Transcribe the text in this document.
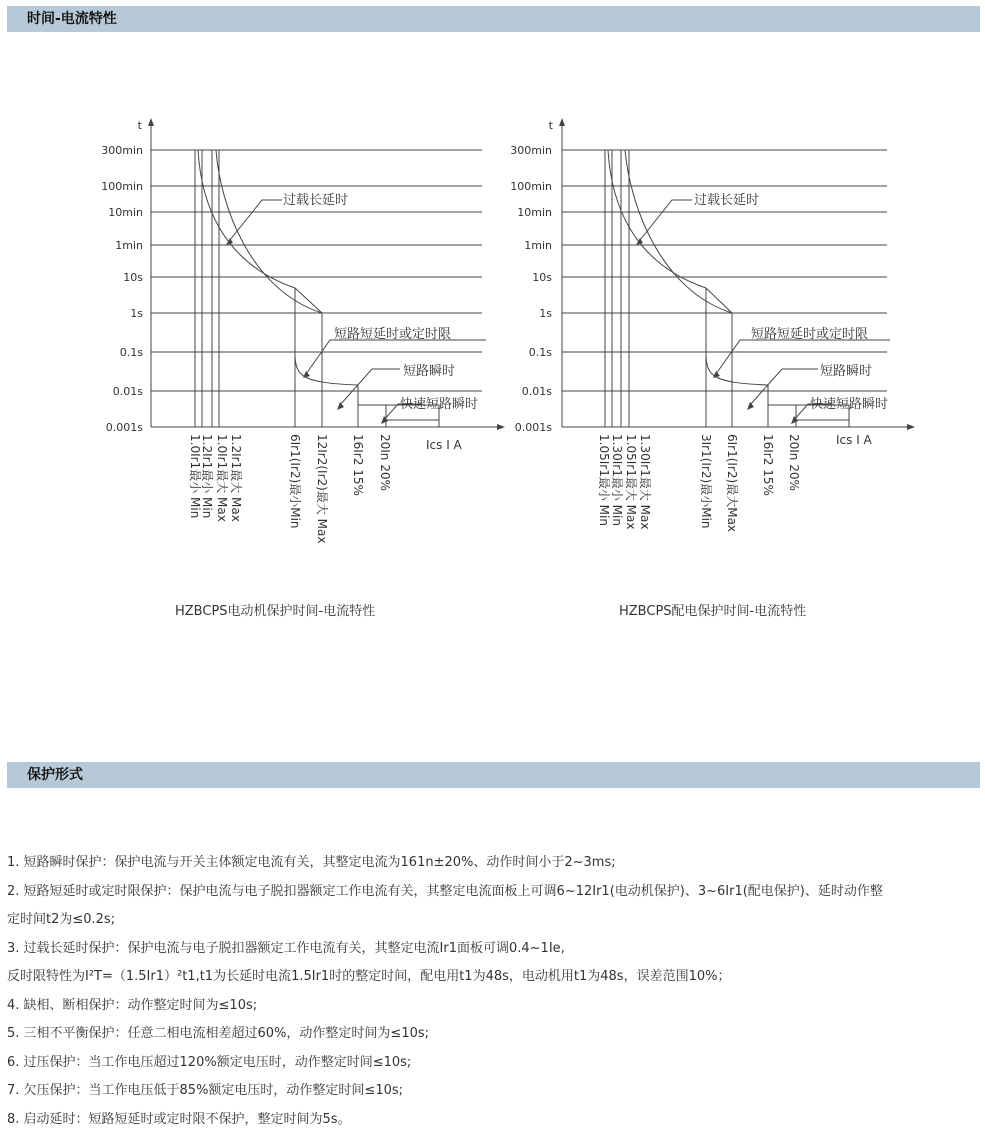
时间-电流特性
t
300min
100min
10min
1min
10s
1s
0.1s
0.01s
0.001s
过载长延时
短路短延时或定时限
短路瞬时
快速短路瞬时
Ics I A
1.0Ir1最小 Min
1.2Ir1最小 Min 1.0Ir1最大 Max 1.2Ir1最大 Max	6Ir1(Ir2)最小Min 12Ir2(Ir2)最大 Max 16Ir2 15% 20In 20%
t
300min
100min
10min
1min
10s
1s
0.1s
0.01s
0.001s
过载长延时
短路短延时或定时限
短路瞬时
快速短路瞬时
Ics I A
1.05Ir1最小 Min 1.30Ir1最小 Min 1.05Ir1最大 Max 1.30Ir1最大 Max	3Ir1(Ir2)最小Min 6Ir1(Ir2)最大Max 16Ir2 15% 20In 20%
HZBCPS电动机保护时间-电流特性	HZBCPS配电保护时间-电流特性
保护形式
1. 短路瞬时保护：保护电流与开关主体额定电流有关，其整定电流为161n±20%、动作时间小于2~3ms;
2. 短路短延时或定时限保护：保护电流与电子脱扣器额定工作电流有关，其整定电流面板上可调6~12Ir1(电动机保护)、3~6Ir1(配电保护)、延时动作整
定时间t2为≤0.2s;
3. 过载长延时保护：保护电流与电子脱扣器额定工作电流有关，其整定电流Ir1面板可调0.4~1Ie,
反时限特性为I²T=（1.5Ir1）²t1,t1为长延时电流1.5Ir1时的整定时间，配电用t1为48s，电动机用t1为48s，误差范围10%；
4. 缺相、断相保护：动作整定时间为≤10s;
5. 三相不平衡保护：任意二相电流相差超过60%，动作整定时间为≤10s;
6. 过压保护：当工作电压超过120%额定电压时，动作整定时间≤10s;
7. 欠压保护：当工作电压低于85%额定电压时，动作整定时间≤10s;
8. 启动延时：短路短延时或定时限不保护，整定时间为5s。
